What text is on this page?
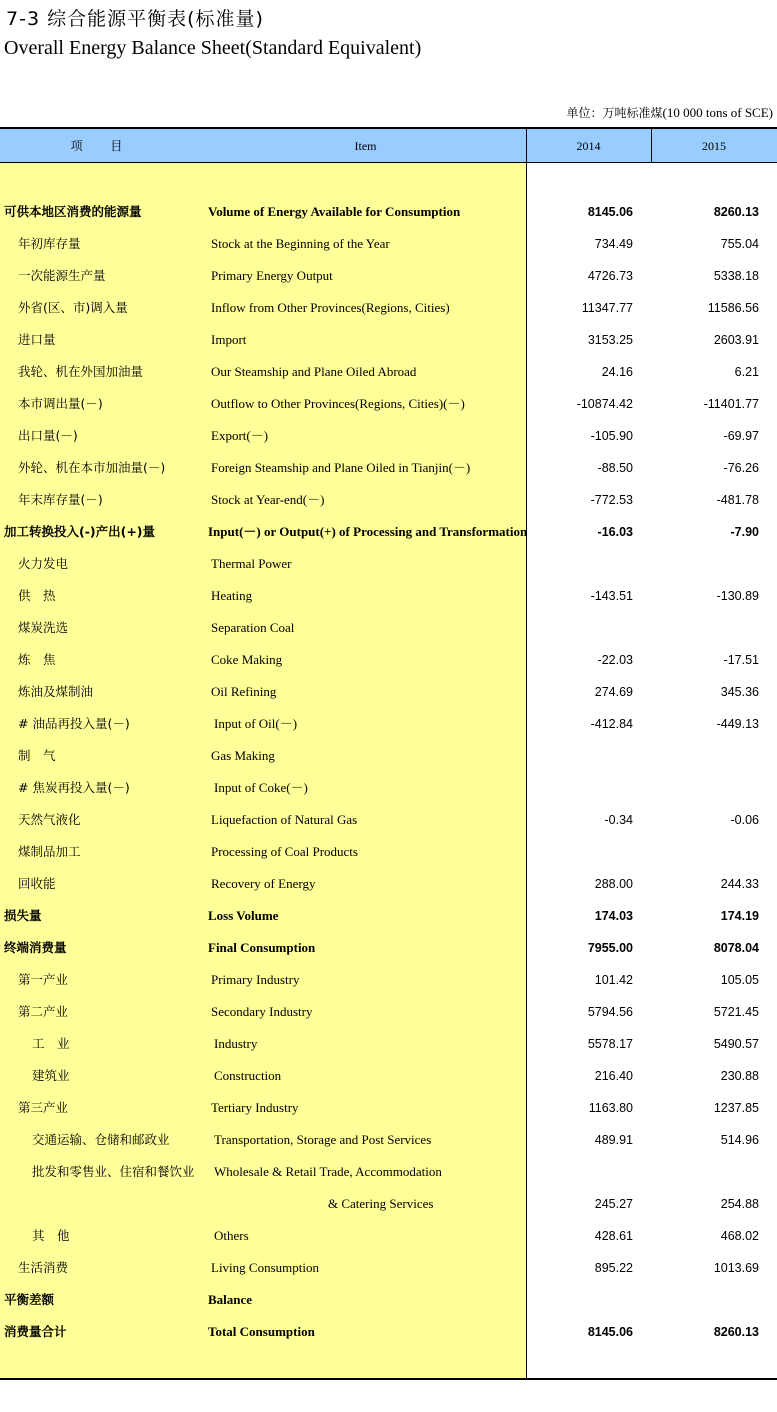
7-3 综合能源平衡表(标准量)
Overall Energy Balance Sheet(Standard Equivalent)
单位：万吨标准煤(10 000 tons of SCE)
项 目	Item	2014	2015
可供本地区消费的能源量	Volume of Energy Available for Consumption	8145.06	8260.13
年初库存量	Stock at the Beginning of the Year	734.49	755.04
一次能源生产量	Primary Energy Output	4726.73	5338.18
外省(区、市)调入量	Inflow from Other Provinces(Regions, Cities)	11347.77	11586.56
进口量	Import	3153.25	2603.91
我轮、机在外国加油量	Our Steamship and Plane Oiled Abroad	24.16	6.21
本市调出量(－)	Outflow to Other Provinces(Regions, Cities)(－)	-10874.42	-11401.77
出口量(－)	Export(－)	-105.90	-69.97
外轮、机在本市加油量(－)	Foreign Steamship and Plane Oiled in Tianjin(－)	-88.50	-76.26
年末库存量(－)	Stock at Year-end(－)	-772.53	-481.78
加工转换投入(-)产出(+)量	Input(－) or Output(+) of Processing and Transformation	-16.03	-7.90
火力发电	Thermal Power
供　热	Heating	-143.51	-130.89
煤炭洗选	Separation Coal
炼　焦	Coke Making	-22.03	-17.51
炼油及煤制油	Oil Refining	274.69	345.36
# 油品再投入量(－)	Input of Oil(－)	-412.84	-449.13
制　气	Gas Making
# 焦炭再投入量(－)	Input of Coke(－)
天然气液化	Liquefaction of Natural Gas	-0.34	-0.06
煤制品加工	Processing of Coal Products
回收能	Recovery of Energy	288.00	244.33
损失量	Loss Volume	174.03	174.19
终端消费量	Final Consumption	7955.00	8078.04
第一产业	Primary Industry	101.42	105.05
第二产业	Secondary Industry	5794.56	5721.45
工　业	Industry	5578.17	5490.57
建筑业	Construction	216.40	230.88
第三产业	Tertiary Industry	1163.80	1237.85
交通运输、仓储和邮政业	Transportation, Storage and Post Services	489.91	514.96
批发和零售业、住宿和餐饮业 Wholesale & Retail Trade, Accommodation
& Catering Services	245.27	254.88
其　他	Others	428.61	468.02
生活消费	Living Consumption	895.22	1013.69
平衡差额	Balance
消费量合计	Total Consumption	8145.06	8260.13
